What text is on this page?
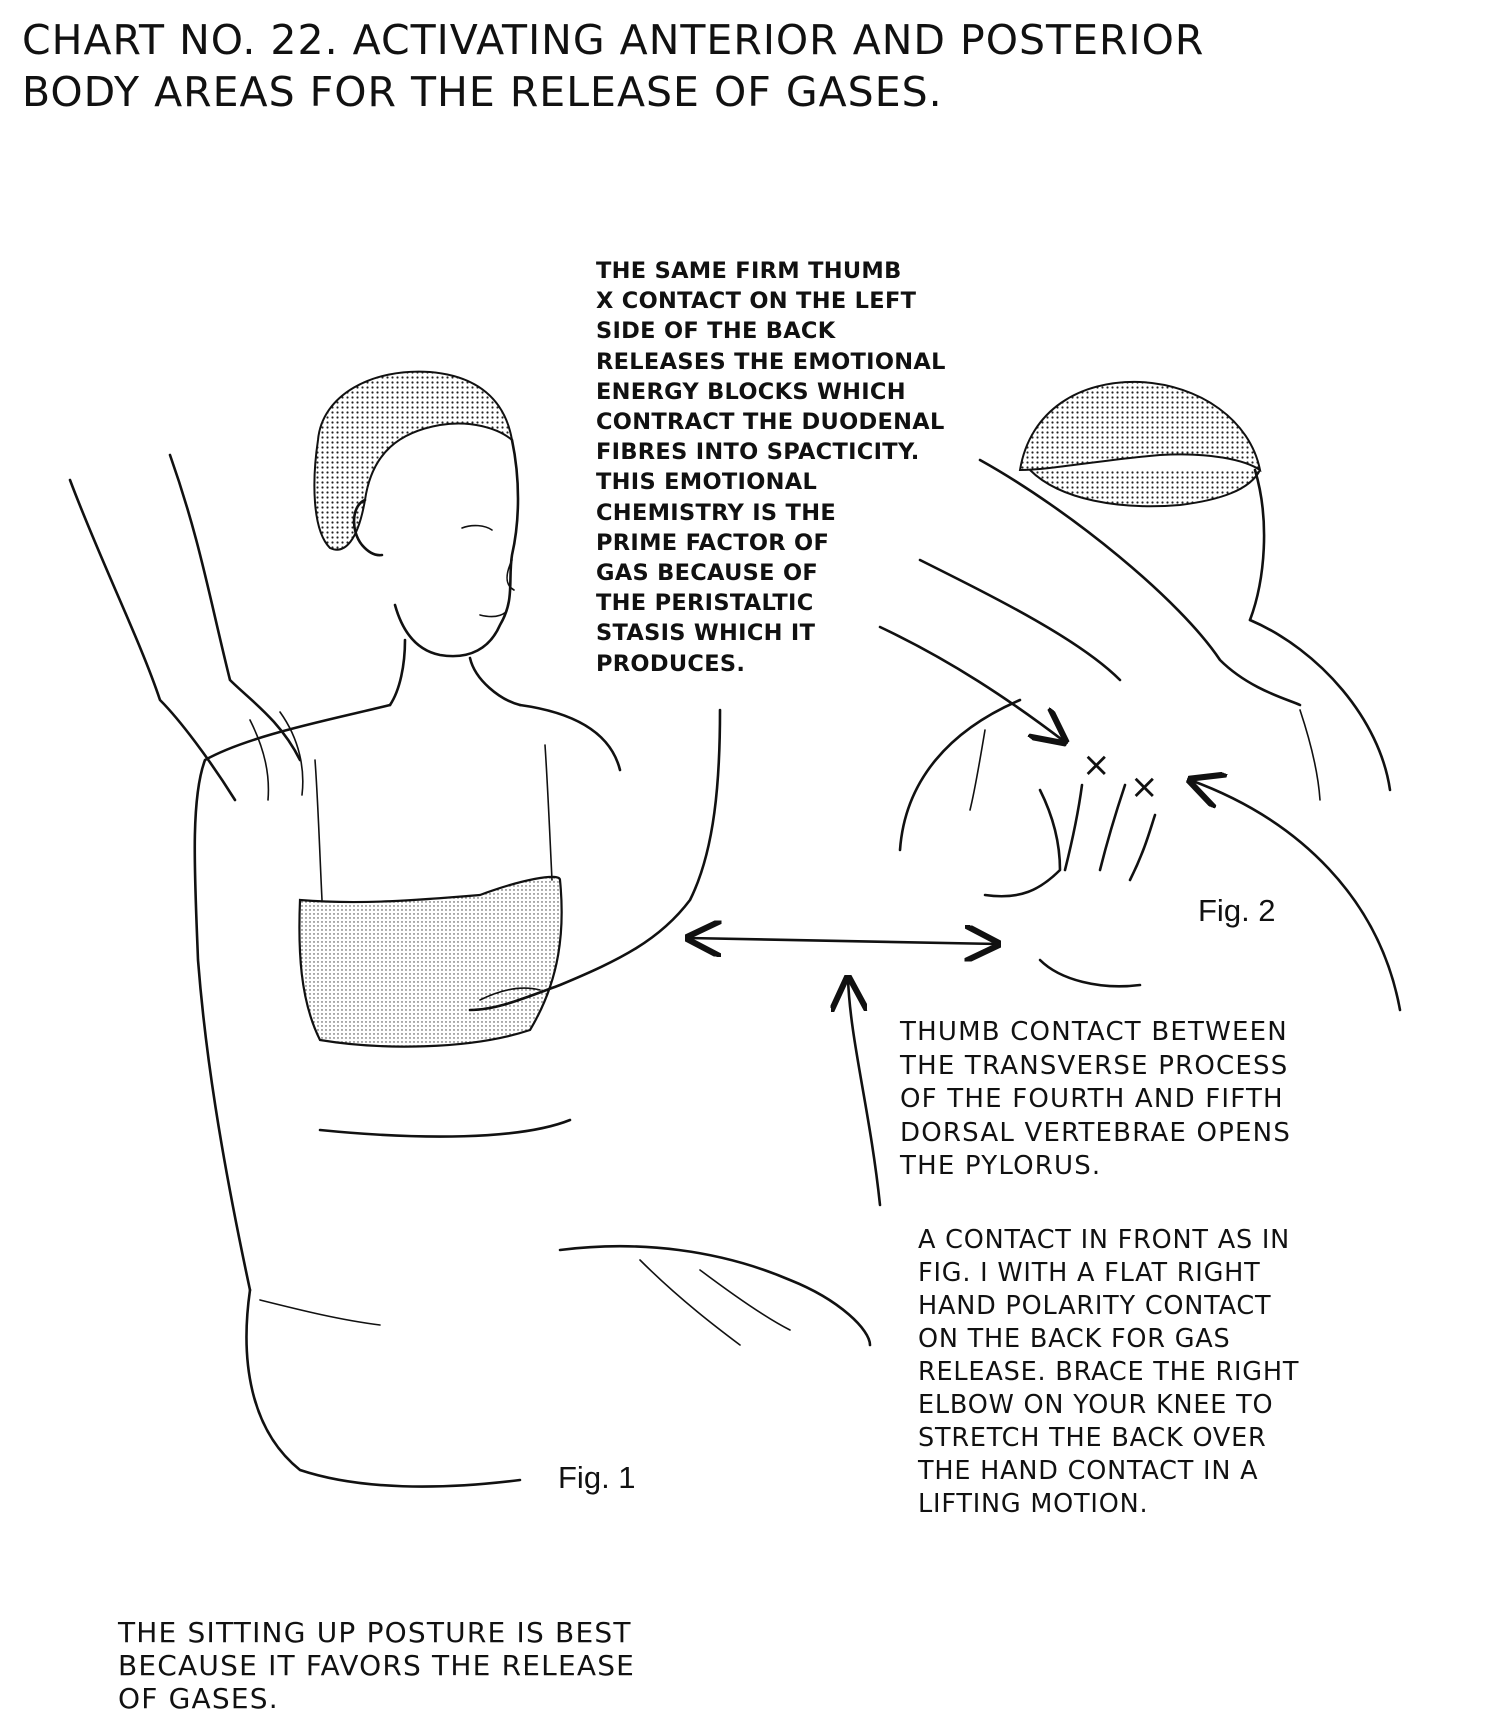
×
×
CHART NO. 22. ACTIVATING ANTERIOR AND POSTERIOR
BODY AREAS FOR THE RELEASE OF GASES.

THE SAME FIRM THUMB
X CONTACT ON THE LEFT
SIDE OF THE BACK
RELEASES THE EMOTIONAL
ENERGY BLOCKS WHICH
CONTRACT THE DUODENAL
FIBRES INTO SPACTICITY.
THIS EMOTIONAL
CHEMISTRY IS THE
PRIME FACTOR OF
GAS BECAUSE OF
THE PERISTALTIC
STASIS WHICH IT
PRODUCES.

THUMB CONTACT BETWEEN
THE TRANSVERSE PROCESS
OF THE FOURTH AND FIFTH
DORSAL VERTEBRAE OPENS
THE PYLORUS.

A CONTACT IN FRONT AS IN
FIG. I WITH A FLAT RIGHT
HAND POLARITY CONTACT
ON THE BACK FOR GAS
RELEASE. BRACE THE RIGHT
ELBOW ON YOUR KNEE TO
STRETCH THE BACK OVER
THE HAND CONTACT IN A
LIFTING MOTION.

THE SITTING UP POSTURE IS BEST
BECAUSE IT FAVORS THE RELEASE
OF GASES.

Fig. 1

Fig. 2
